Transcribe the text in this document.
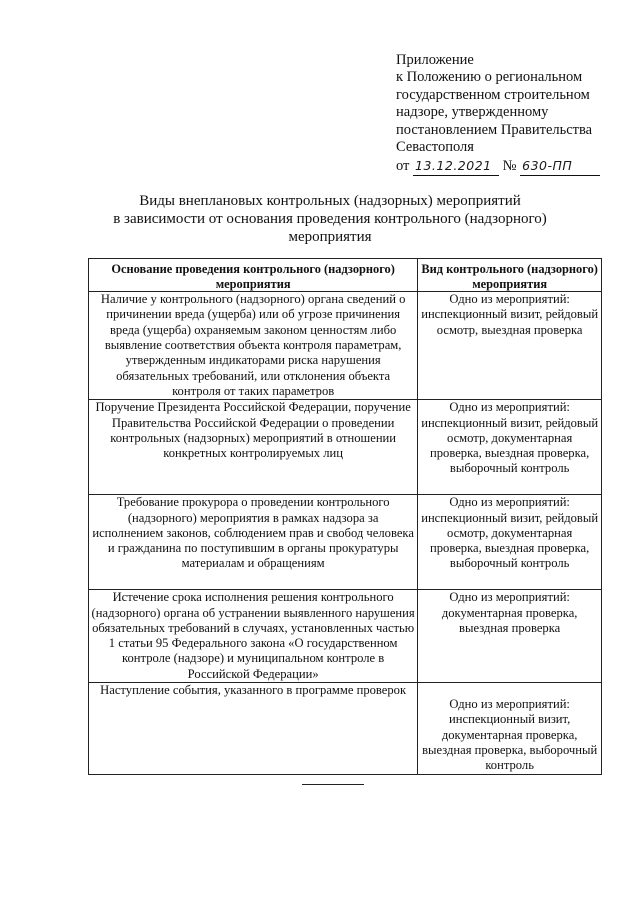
Приложение
к Положению о региональном
государственном строительном
надзоре, утвержденному
постановлением Правительства
Севастополя
от 13.12.2021 № 630-ПП
Виды внеплановых контрольных (надзорных) мероприятий
в зависимости от основания проведения контрольного (надзорного)
мероприятия
Основание проведения контрольного (надзорного) мероприятия	Вид контрольного (надзорного) мероприятия
Наличие у контрольного (надзорного) органа сведений о причинении вреда (ущерба) или об угрозе причинения вреда (ущерба) охраняемым законом ценностям либо выявление соответствия объекта контроля параметрам, утвержденным индикаторами риска нарушения обязательных требований, или отклонения объекта контроля от таких параметров	Одно из мероприятий: инспекционный визит, рейдовый осмотр, выездная проверка
Поручение Президента Российской Федерации, поручение Правительства Российской Федерации о проведении контрольных (надзорных) мероприятий в отношении конкретных контролируемых лиц	Одно из мероприятий: инспекционный визит, рейдовый осмотр, документарная проверка, выездная проверка, выборочный контроль
Требование прокурора о проведении контрольного (надзорного) мероприятия в рамках надзора за исполнением законов, соблюдением прав и свобод человека и гражданина по поступившим в органы прокуратуры материалам и обращениям	Одно из мероприятий: инспекционный визит, рейдовый осмотр, документарная проверка, выездная проверка, выборочный контроль
Истечение срока исполнения решения контрольного (надзорного) органа об устранении выявленного нарушения обязательных требований в случаях, установленных частью 1 статьи 95 Федерального закона «О государственном контроле (надзоре) и муниципальном контроле в Российской Федерации»	Одно из мероприятий: документарная проверка, выездная проверка
Наступление события, указанного в программе проверок	Одно из мероприятий: инспекционный визит, документарная проверка, выездная проверка, выборочный контроль
